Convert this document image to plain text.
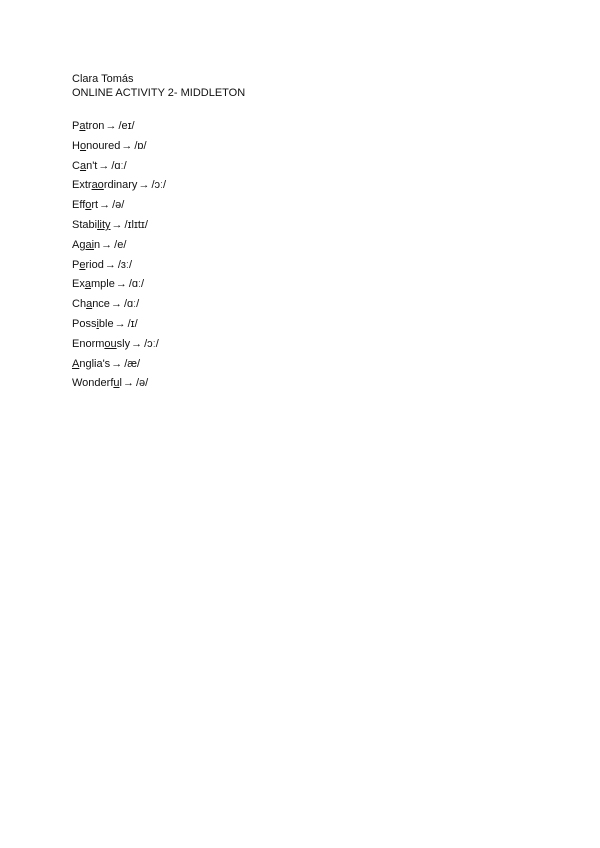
Clara Tomás
ONLINE ACTIVITY 2- MIDDLETON
Patron→ /eɪ/
Honoured→ /ɒ/
Can't→ /ɑː/
Extraordinary→ /ɔː/
Effort→ /ə/
Stability→ /ɪlɪtɪ/
Again→ /e/
Period→ /ɜː/
Example→ /ɑː/
Chance→ /ɑː/
Possible→ /ɪ/
Enormously→ /ɔː/
Anglia's→ /æ/
Wonderful→ /ə/
